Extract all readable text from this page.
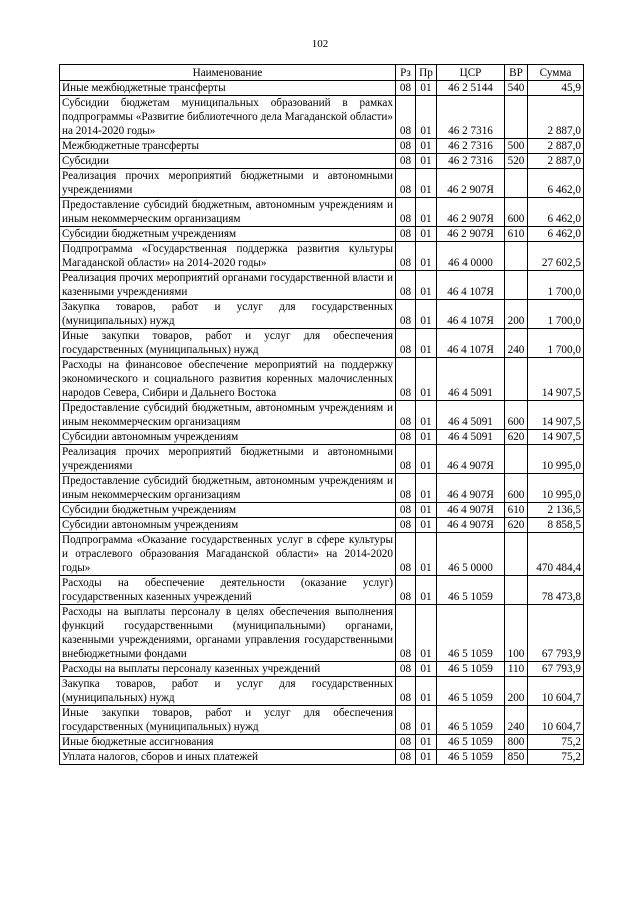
102
Наименование	Рз	Пр	ЦСР	ВР	Сумма
Иные межбюджетные трансферты	08	01	46 2 5144	540	45,9
Субсидии бюджетам муниципальных образований в рамках подпрограммы «Развитие библиотечного дела Магаданской области» на 2014-2020 годы»	08	01	46 2 7316		2 887,0
Межбюджетные трансферты	08	01	46 2 7316	500	2 887,0
Субсидии	08	01	46 2 7316	520	2 887,0
Реализация прочих мероприятий бюджетными и автономными учреждениями	08	01	46 2 907Я		6 462,0
Предоставление субсидий бюджетным, автономным учреждениям и иным некоммерческим организациям	08	01	46 2 907Я	600	6 462,0
Субсидии бюджетным учреждениям	08	01	46 2 907Я	610	6 462,0
Подпрограмма «Государственная поддержка развития культуры Магаданской области» на 2014-2020 годы»	08	01	46 4 0000		27 602,5
Реализация прочих мероприятий органами государственной власти и казенными учреждениями	08	01	46 4 107Я		1 700,0
Закупка товаров, работ и услуг для государственных (муниципальных) нужд	08	01	46 4 107Я	200	1 700,0
Иные закупки товаров, работ и услуг для обеспечения государственных (муниципальных) нужд	08	01	46 4 107Я	240	1 700,0
Расходы на финансовое обеспечение мероприятий на поддержку экономического и социального развития коренных малочисленных народов Севера, Сибири и Дальнего Востока	08	01	46 4 5091		14 907,5
Предоставление субсидий бюджетным, автономным учреждениям и иным некоммерческим организациям	08	01	46 4 5091	600	14 907,5
Субсидии автономным учреждениям	08	01	46 4 5091	620	14 907,5
Реализация прочих мероприятий бюджетными и автономными учреждениями	08	01	46 4 907Я		10 995,0
Предоставление субсидий бюджетным, автономным учреждениям и иным некоммерческим организациям	08	01	46 4 907Я	600	10 995,0
Субсидии бюджетным учреждениям	08	01	46 4 907Я	610	2 136,5
Субсидии автономным учреждениям	08	01	46 4 907Я	620	8 858,5
Подпрограмма «Оказание государственных услуг в сфере культуры и отраслевого образования Магаданской области» на 2014-2020 годы»	08	01	46 5 0000		470 484,4
Расходы на обеспечение деятельности (оказание услуг) государственных казенных учреждений	08	01	46 5 1059		78 473,8
Расходы на выплаты персоналу в целях обеспечения выполнения функций государственными (муниципальными) органами, казенными учреждениями, органами управления государственными внебюджетными фондами	08	01	46 5 1059	100	67 793,9
Расходы на выплаты персоналу казенных учреждений	08	01	46 5 1059	110	67 793,9
Закупка товаров, работ и услуг для государственных (муниципальных) нужд	08	01	46 5 1059	200	10 604,7
Иные закупки товаров, работ и услуг для обеспечения государственных (муниципальных) нужд	08	01	46 5 1059	240	10 604,7
Иные бюджетные ассигнования	08	01	46 5 1059	800	75,2
Уплата налогов, сборов и иных платежей	08	01	46 5 1059	850	75,2
